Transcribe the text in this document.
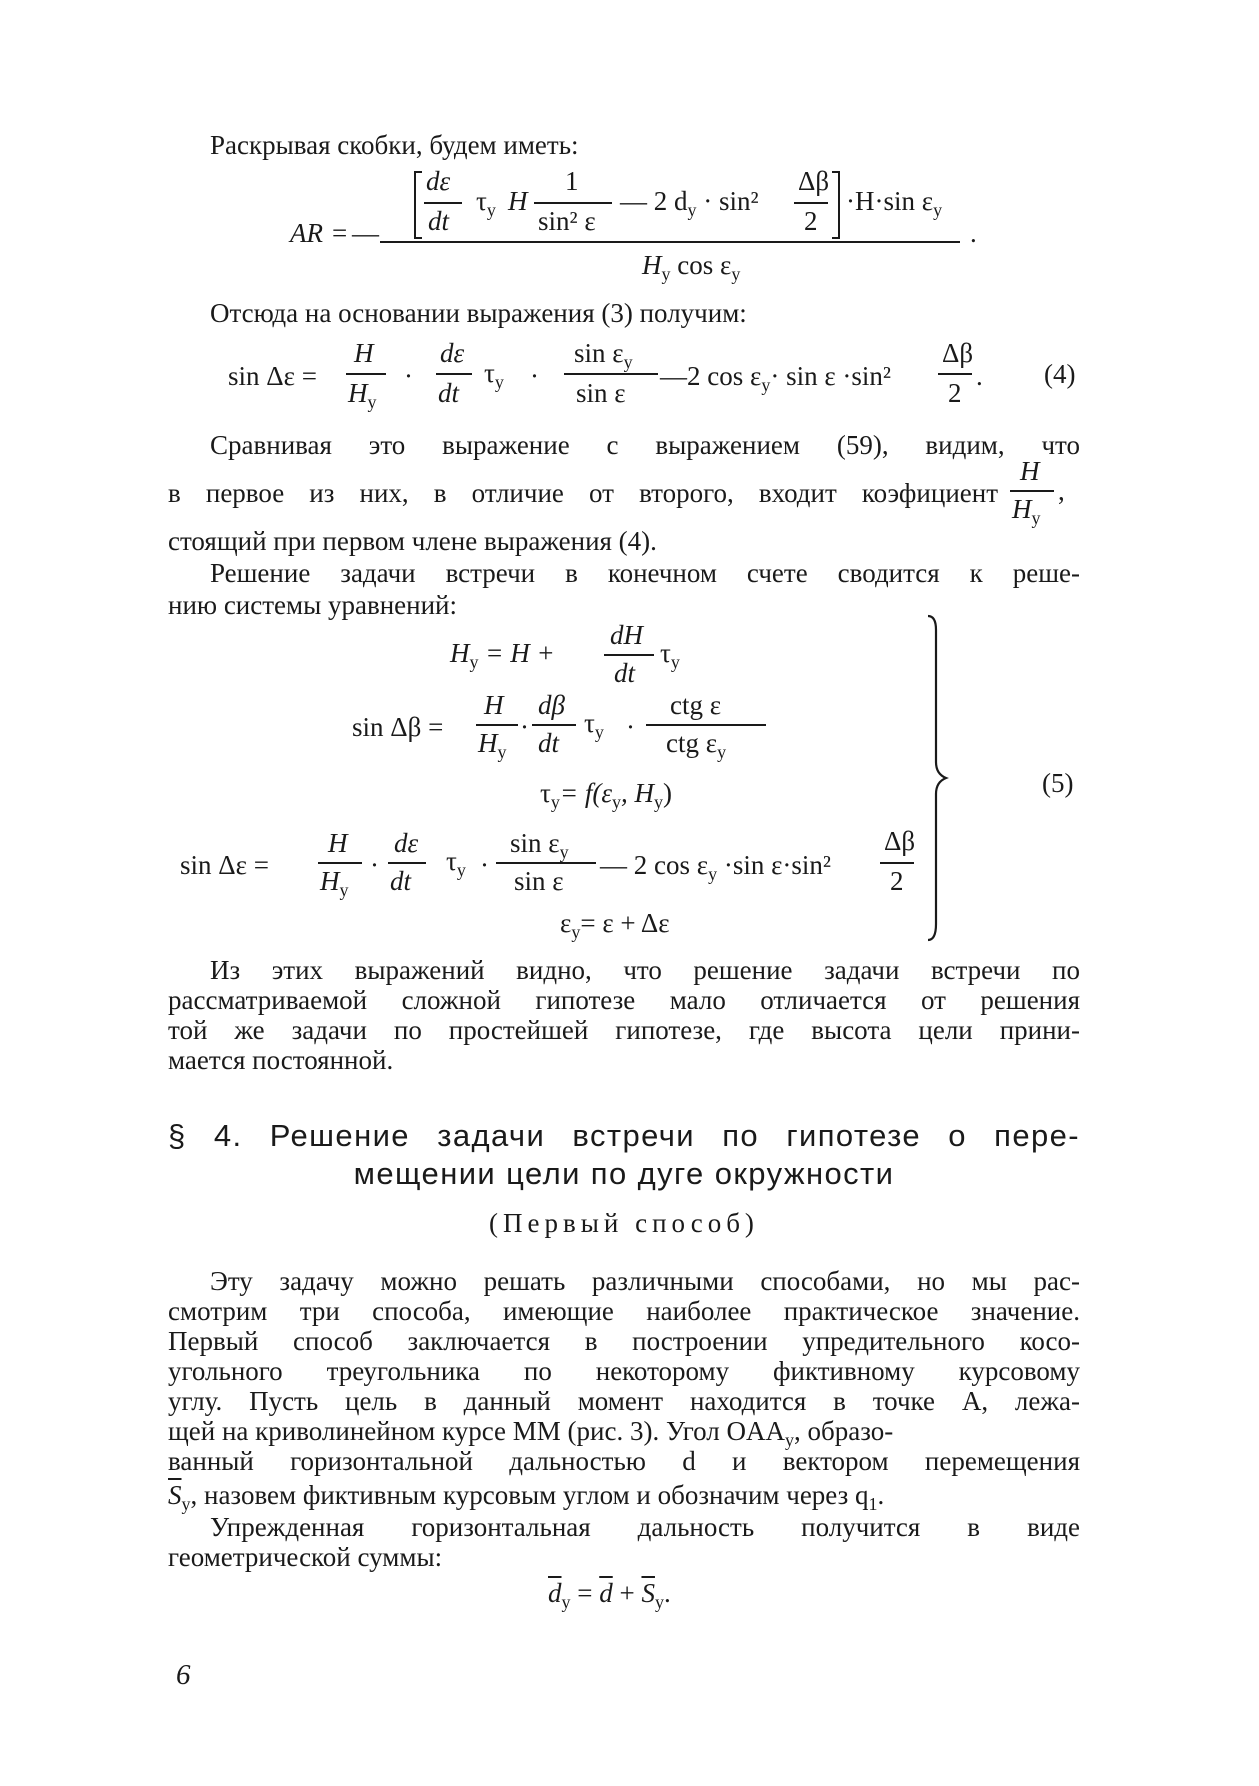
Раскрывая скобки, будем иметь:
AR = —
dε
dt
$\tau_y$ H
1
sin² ε
— 2 $d_y \cdot \sin^2$
Δβ
2
·H·sin $\varepsilon_y$
$H_y$ $\cos \varepsilon_y$
.
Отсюда на основании выражения (3) получим:
sin Δε =
H
$H_y$
·
dε
dt
$\tau_y$ ·
$\sin \varepsilon_y$
sin ε
—2 $\cos \varepsilon_y\cdot \sin \varepsilon \cdot\sin^2$
Δβ
2
. (4)
Сравнивая это выражение с выражением (59), видим, что
в первое из них, в отличие от второго, входит коэфициент
H
$H_y$
,
стоящий при первом члене выражения (4).
Решение задачи встречи в конечном счете сводится к реше-
нию системы уравнений:
$H_y = H$ +
dH
dt
$\tau_y$
sin Δβ =
H
$H_y$
·
dβ
dt
$\tau_y$ ·
ctg ε
ctg $\varepsilon_y$
$\tau_y= f(\varepsilon_y$, $H_y$)
sin Δε =
H
$H_y$
·
dε
dt
$\tau_y$ ·
$\sin \varepsilon_y$
sin ε
— 2 $\cos \varepsilon_y \cdot\sin$ ε·sin²
Δβ
2
$\varepsilon_y= \varepsilon + \Delta\varepsilon$
(5)
Из этих выражений видно, что решение задачи встречи по
рассматриваемой сложной гипотезе мало отличается от решения
той же задачи по простейшей гипотезе, где высота цели прини-
мается постоянной.
§ 4. Решение задачи встречи по гипотезе о пере-
мещении цели по дуге окружности
(Первый способ)
Эту задачу можно решать различными способами, но мы рас-
смотрим три способа, имеющие наиболее практическое значение.
Первый способ заключается в построении упредительного косо-
угольного треугольника по некоторому фиктивному курсовому
углу. Пусть цель в данный момент находится в точке A, лежа-
щей на криволинейном курсе MM (рис. 3). Угол $OAA_y$, образо-
ванный горизонтальной дальностью d и вектором перемещения
$\overline{S}_y$, назовем фиктивным курсовым углом и обозначим через $q_1$.
Упрежденная горизонтальная дальность получится в виде
геометрической суммы:
$\overline{d}_y = \overline{d} + \overline{S}_y$.
6
